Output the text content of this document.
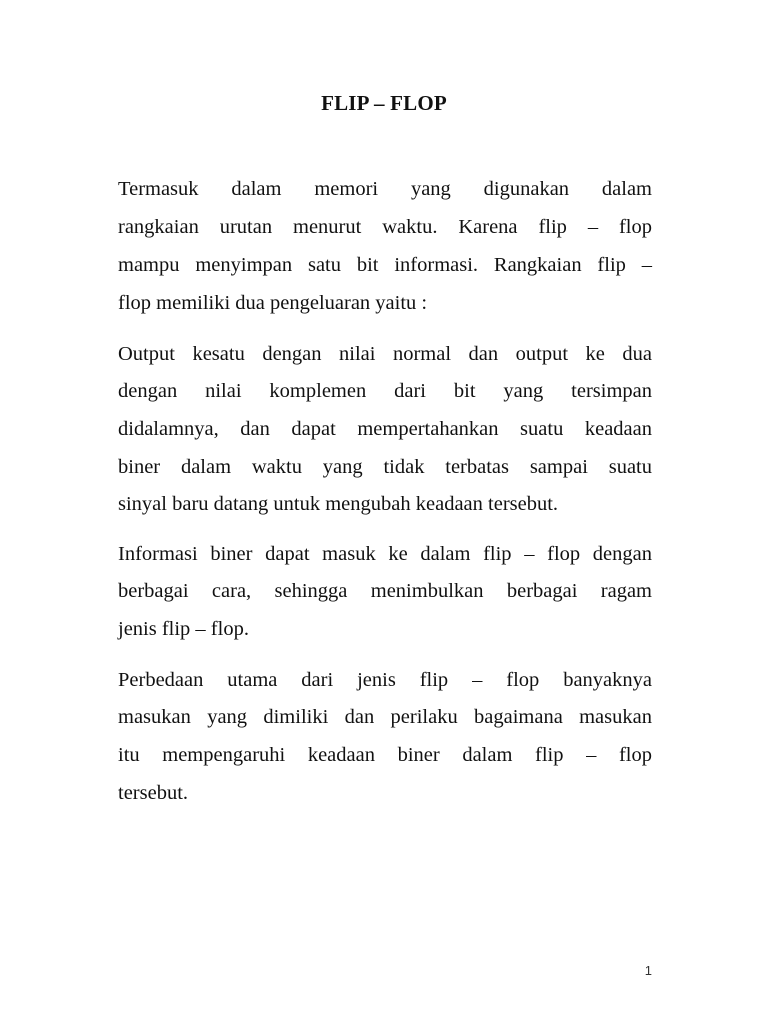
FLIP – FLOP
Termasuk dalam memori yang digunakan dalam
rangkaian urutan menurut waktu. Karena flip – flop
mampu menyimpan satu bit informasi. Rangkaian flip –
flop memiliki dua pengeluaran yaitu :
Output kesatu dengan nilai normal dan output ke dua
dengan nilai komplemen dari bit yang tersimpan
didalamnya, dan dapat mempertahankan suatu keadaan
biner dalam waktu yang tidak terbatas sampai suatu
sinyal baru datang untuk mengubah keadaan tersebut.
Informasi biner dapat masuk ke dalam flip – flop dengan
berbagai cara, sehingga menimbulkan berbagai ragam
jenis flip – flop.
Perbedaan utama dari jenis flip – flop banyaknya
masukan yang dimiliki dan perilaku bagaimana masukan
itu mempengaruhi keadaan biner dalam flip – flop
tersebut.
1
